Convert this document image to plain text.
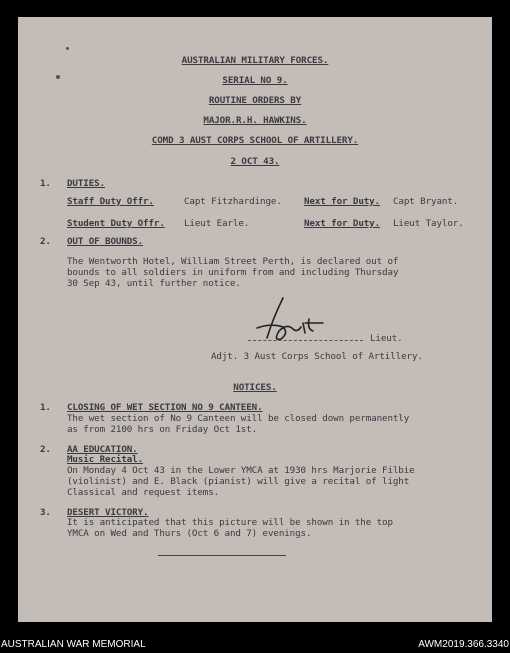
AUSTRALIAN MILITARY FORCES.
SERIAL NO 9.
ROUTINE ORDERS BY
MAJOR.R.H. HAWKINS.
COMD 3 AUST CORPS SCHOOL OF ARTILLERY.
2 OCT 43.
1. DUTIES.
Staff Duty Offr.	Capt Fitzhardinge. Next for Duty. Capt Bryant.
Student Duty Offr. Lieut Earle.	Next for Duty. Lieut Taylor.
2. OUT OF BOUNDS.
The Wentworth Hotel, William Street Perth, is declared out of
bounds to all soldiers in uniform from and including Thursday
30 Sep 43, until further notice.
Lieut.
Adjt. 3 Aust Corps School of Artillery.
NOTICES.
1. CLOSING OF WET SECTION NO 9 CANTEEN.
The wet section of No 9 Canteen will be closed down permanently
as from 2100 hrs on Friday Oct 1st.
2. AA EDUCATION.
Music Recital.
On Monday 4 Oct 43 in the Lower YMCA at 1930 hrs Marjorie Filbie
(violinist) and E. Black (pianist) will give a recital of light
Classical and request items.
3. DESERT VICTORY.
It is anticipated that this picture will be shown in the top
YMCA on Wed and Thurs (Oct 6 and 7) evenings.
AUSTRALIAN WAR MEMORIAL	AWM2019.366.3340
